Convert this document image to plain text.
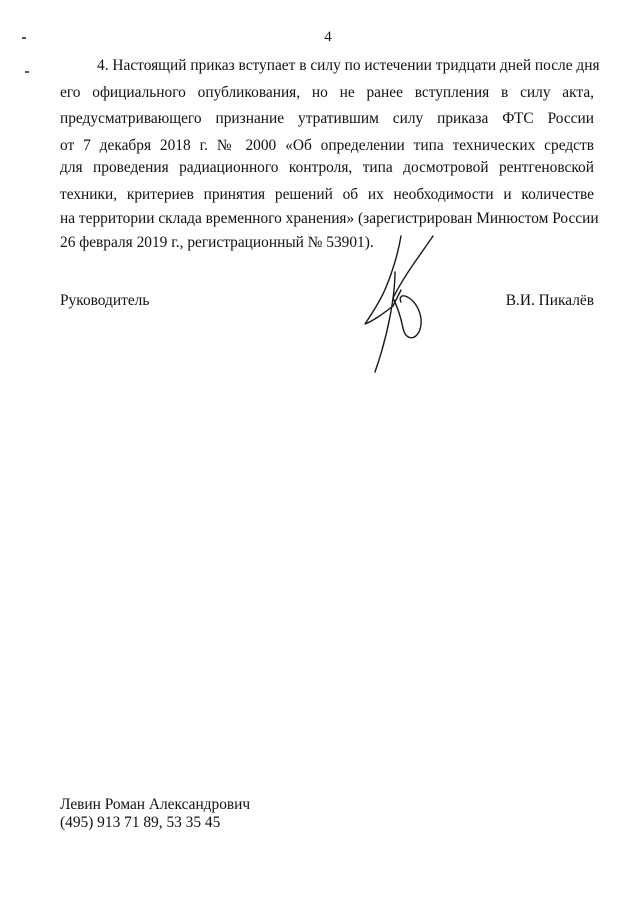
4
4. Настоящий приказ вступает в силу по истечении тридцати дней после дня
его официального опубликования, но не ранее вступления в силу акта,
предусматривающего признание утратившим силу приказа ФТС России
от 7 декабря 2018 г. № 2000 «Об определении типа технических средств
для проведения радиационного контроля, типа досмотровой рентгеновской
техники, критериев принятия решений об их необходимости и количестве
на территории склада временного хранения» (зарегистрирован Минюстом России
26 февраля 2019 г., регистрационный № 53901).
Руководитель	В.И. Пикалёв
Левин Роман Александрович
(495) 913 71 89, 53 35 45
